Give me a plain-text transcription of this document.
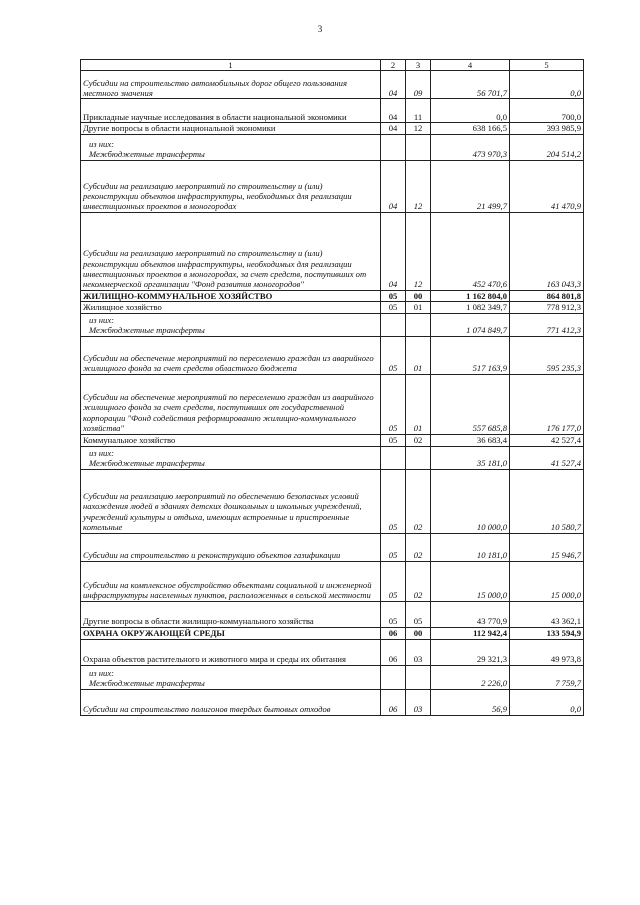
3
1	2	3	4	5
Субсидии на строительство автомобильных дорог общего пользования местного значения	04	09	56 701,7	0,0
Прикладные научные исследования в области национальной экономики	04	11	0,0	700,0
Другие вопросы в области национальной экономики	04	12	638 166,5	393 985,9
из них:
Межбюджетные трансферты			473 970,3	204 514,2
Субсидии на реализацию мероприятий по строительству и (или) реконструкции объектов инфраструктуры, необходимых для реализации инвестиционных проектов в моногородах	04	12	21 499,7	41 470,9
Субсидии на реализацию мероприятий по строительству и (или) реконструкции объектов инфраструктуры, необходимых для реализации инвестиционных проектов в моногородах, за счет средств, поступивших от некоммерческой организации "Фонд развития моногородов"	04	12	452 470,6	163 043,3
ЖИЛИЩНО-КОММУНАЛЬНОЕ ХОЗЯЙСТВО	05	00	1 162 804,0	864 801,8
Жилищное хозяйство	05	01	1 082 349,7	778 912,3
из них:
Межбюджетные трансферты			1 074 849,7	771 412,3
Субсидии на обеспечение мероприятий по переселению граждан из аварийного жилищного фонда за счет средств областного бюджета	05	01	517 163,9	595 235,3
Субсидии на обеспечение мероприятий по переселению граждан из аварийного жилищного фонда за счет средств, поступивших от государственной корпорации "Фонд содействия реформированию жилищно-коммунального хозяйства"	05	01	557 685,8	176 177,0
Коммунальное хозяйство	05	02	36 683,4	42 527,4
из них:
Межбюджетные трансферты			35 181,0	41 527,4
Субсидии на реализацию мероприятий по обеспечению безопасных условий нахождения людей в зданиях детских дошкольных и школьных учреждений, учреждений культуры и отдыха, имеющих встроенные и пристроенные котельные	05	02	10 000,0	10 580,7
Субсидии на строительство и реконструкцию объектов газификации	05	02	10 181,0	15 946,7
Субсидии на комплексное обустройство объектами социальной и инженерной инфраструктуры населенных пунктов, расположенных в сельской местности	05	02	15 000,0	15 000,0
Другие вопросы в области жилищно-коммунального хозяйства	05	05	43 770,9	43 362,1
ОХРАНА ОКРУЖАЮЩЕЙ СРЕДЫ	06	00	112 942,4	133 594,9
Охрана объектов растительного и животного мира и среды их обитания	06	03	29 321,3	49 973,8
из них:
Межбюджетные трансферты			2 226,0	7 759,7
Субсидии на строительство полигонов твердых бытовых отходов	06	03	56,9	0,0
